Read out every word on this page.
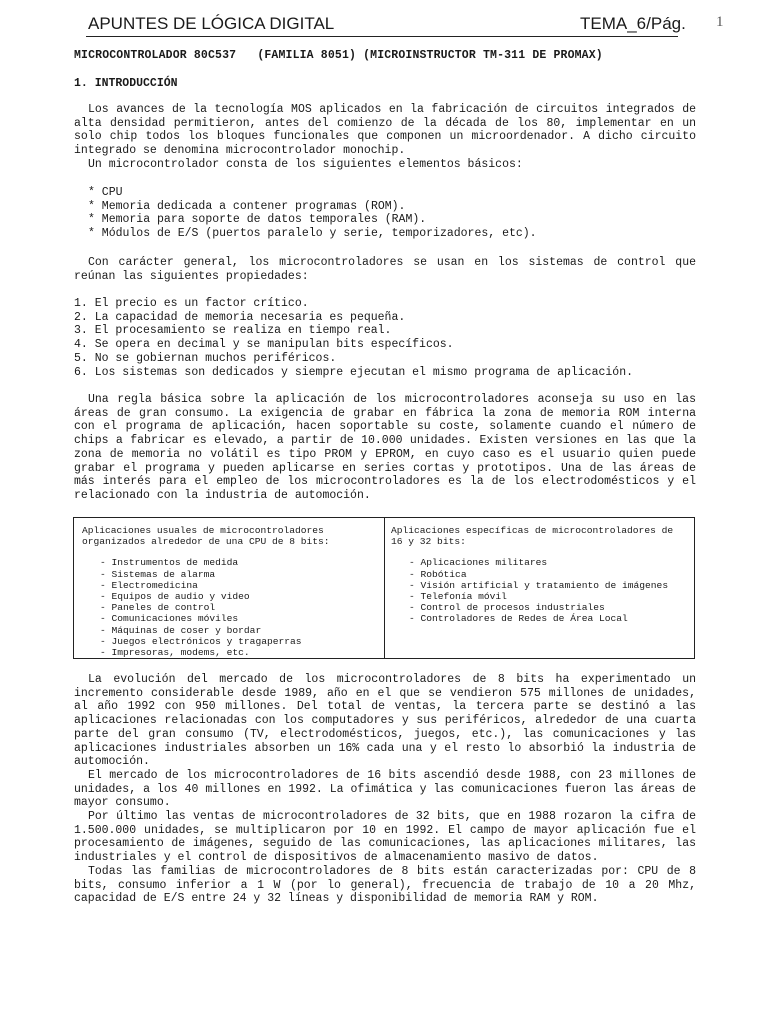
APUNTES DE LÓGICA DIGITAL	TEMA_6/Pág. 1
MICROCONTROLADOR 80C537   (FAMILIA 8051) (MICROINSTRUCTOR TM-311 DE PROMAX)
1. INTRODUCCIÓN

Los avances de la tecnología MOS aplicados en la fabricación de circuitos integrados de alta densidad permitieron, antes del comienzo de la década de los 80, implementar en un solo chip todos los bloques funcionales que componen un microordenador. A dicho circuito integrado se denomina microcontrolador monochip.

Un microcontrolador consta de los siguientes elementos básicos:

* CPU
* Memoria dedicada a contener programas (ROM).
* Memoria para soporte de datos temporales (RAM).
* Módulos de E/S (puertos paralelo y serie, temporizadores, etc).

Con carácter general, los microcontroladores se usan en los sistemas de control que reúnan las siguientes propiedades:

1. El precio es un factor crítico.
2. La capacidad de memoria necesaria es pequeña.
3. El procesamiento se realiza en tiempo real.
4. Se opera en decimal y se manipulan bits específicos.
5. No se gobiernan muchos periféricos.
6. Los sistemas son dedicados y siempre ejecutan el mismo programa de aplicación.

Una regla básica sobre la aplicación de los microcontroladores aconseja su uso en las áreas de gran consumo. La exigencia de grabar en fábrica la zona de memoria ROM interna con el programa de aplicación, hacen soportable su coste, solamente cuando el número de chips a fabricar es elevado, a partir de 10.000 unidades. Existen versiones en las que la zona de memoria no volátil es tipo PROM y EPROM, en cuyo caso es el usuario quien puede grabar el programa y pueden aplicarse en series cortas y prototipos. Una de las áreas de más interés para el empleo de los microcontroladores es la de los electrodomésticos y el relacionado con la industria de automoción.

Aplicaciones usuales de microcontroladores organizados alrededor de una CPU de 8 bits:

- Instrumentos de medida
- Sistemas de alarma
- Electromedicina
- Equipos de audio y video
- Paneles de control
- Comunicaciones móviles
- Máquinas de coser y bordar
- Juegos electrónicos y tragaperras
- Impresoras, modems, etc.

Aplicaciones específicas de microcontroladores de 16 y 32 bits:

- Aplicaciones militares
- Robótica
- Visión artificial y tratamiento de imágenes
- Telefonía móvil
- Control de procesos industriales
- Controladores de Redes de Área Local

La evolución del mercado de los microcontroladores de 8 bits ha experimentado un incremento considerable desde 1989, año en el que se vendieron 575 millones de unidades, al año 1992 con 950 millones. Del total de ventas, la tercera parte se destinó a las aplicaciones relacionadas con los computadores y sus periféricos, alrededor de una cuarta parte del gran consumo (TV, electrodomésticos, juegos, etc.), las comunicaciones y las aplicaciones industriales absorben un 16% cada una y el resto lo absorbió la industria de automoción.

El mercado de los microcontroladores de 16 bits ascendió desde 1988, con 23 millones de unidades, a los 40 millones en 1992. La ofimática y las comunicaciones fueron las áreas de mayor consumo.

Por último las ventas de microcontroladores de 32 bits, que en 1988 rozaron la cifra de 1.500.000 unidades, se multiplicaron por 10 en 1992. El campo de mayor aplicación fue el procesamiento de imágenes, seguido de las comunicaciones, las aplicaciones militares, las industriales y el control de dispositivos de almacenamiento masivo de datos.

Todas las familias de microcontroladores de 8 bits están caracterizadas por: CPU de 8 bits, consumo inferior a 1 W (por lo general), frecuencia de trabajo de 10 a 20 Mhz, capacidad de E/S entre 24 y 32 líneas y disponibilidad de memoria RAM y ROM.
